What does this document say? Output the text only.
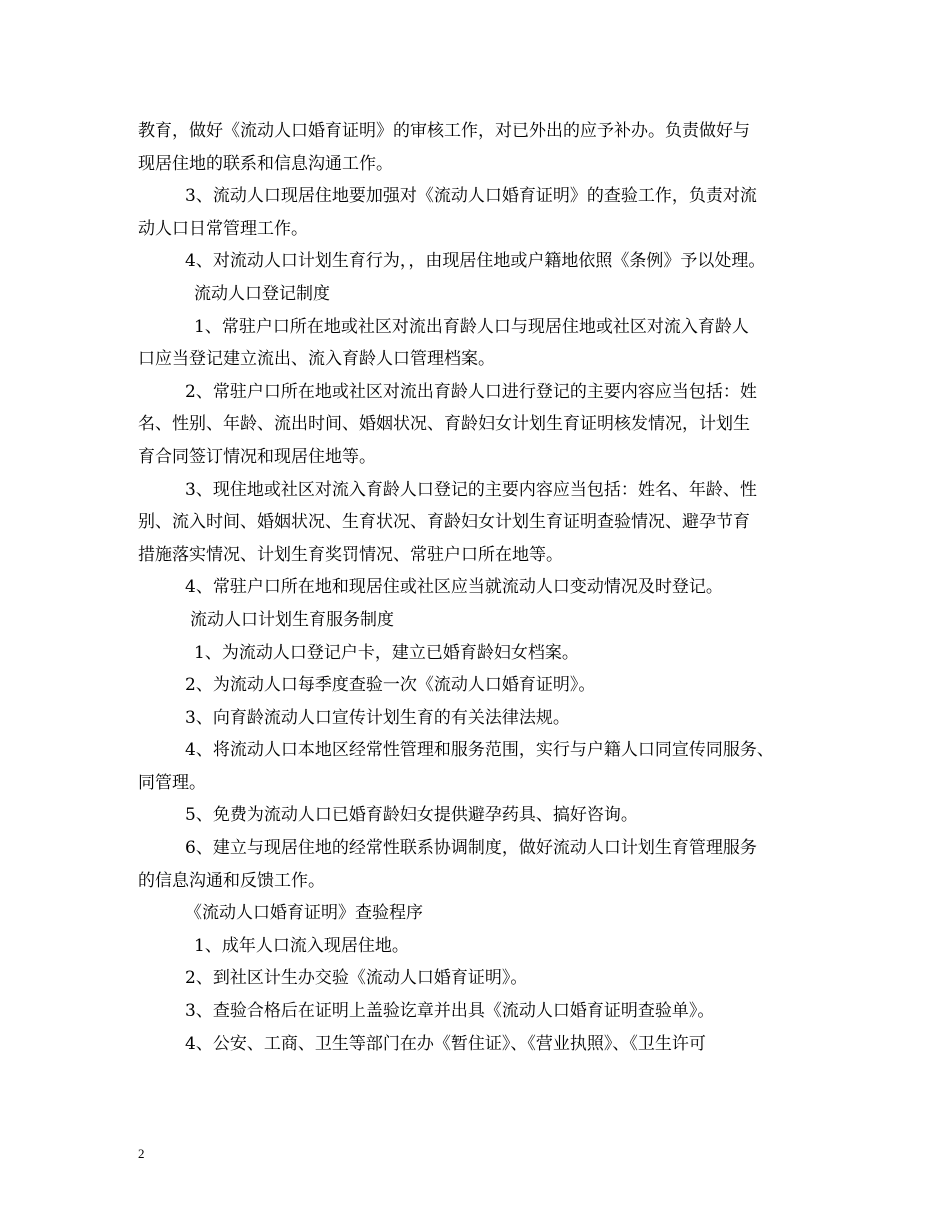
教育，做好《流动人口婚育证明》的审核工作，对已外出的应予补办。负责做好与
现居住地的联系和信息沟通工作。
3、流动人口现居住地要加强对《流动人口婚育证明》的查验工作，负责对流
动人口日常管理工作。
4、对流动人口计划生育行为，，由现居住地或户籍地依照《条例》予以处理。
流动人口登记制度
1、常驻户口所在地或社区对流出育龄人口与现居住地或社区对流入育龄人
口应当登记建立流出、流入育龄人口管理档案。
2、常驻户口所在地或社区对流出育龄人口进行登记的主要内容应当包括：姓
名、性别、年龄、流出时间、婚姻状况、育龄妇女计划生育证明核发情况，计划生
育合同签订情况和现居住地等。
3、现住地或社区对流入育龄人口登记的主要内容应当包括：姓名、年龄、性
别、流入时间、婚姻状况、生育状况、育龄妇女计划生育证明查验情况、避孕节育
措施落实情况、计划生育奖罚情况、常驻户口所在地等。
4、常驻户口所在地和现居住或社区应当就流动人口变动情况及时登记。
流动人口计划生育服务制度
1、为流动人口登记户卡，建立已婚育龄妇女档案。
2、为流动人口每季度查验一次《流动人口婚育证明》。
3、向育龄流动人口宣传计划生育的有关法律法规。
4、将流动人口本地区经常性管理和服务范围，实行与户籍人口同宣传同服务、
同管理。
5、免费为流动人口已婚育龄妇女提供避孕药具、搞好咨询。
6、建立与现居住地的经常性联系协调制度，做好流动人口计划生育管理服务
的信息沟通和反馈工作。
《流动人口婚育证明》查验程序
1、成年人口流入现居住地。
2、到社区计生办交验《流动人口婚育证明》。
3、查验合格后在证明上盖验讫章并出具《流动人口婚育证明查验单》。
4、公安、工商、卫生等部门在办《暂住证》、《营业执照》、《卫生许可
2
